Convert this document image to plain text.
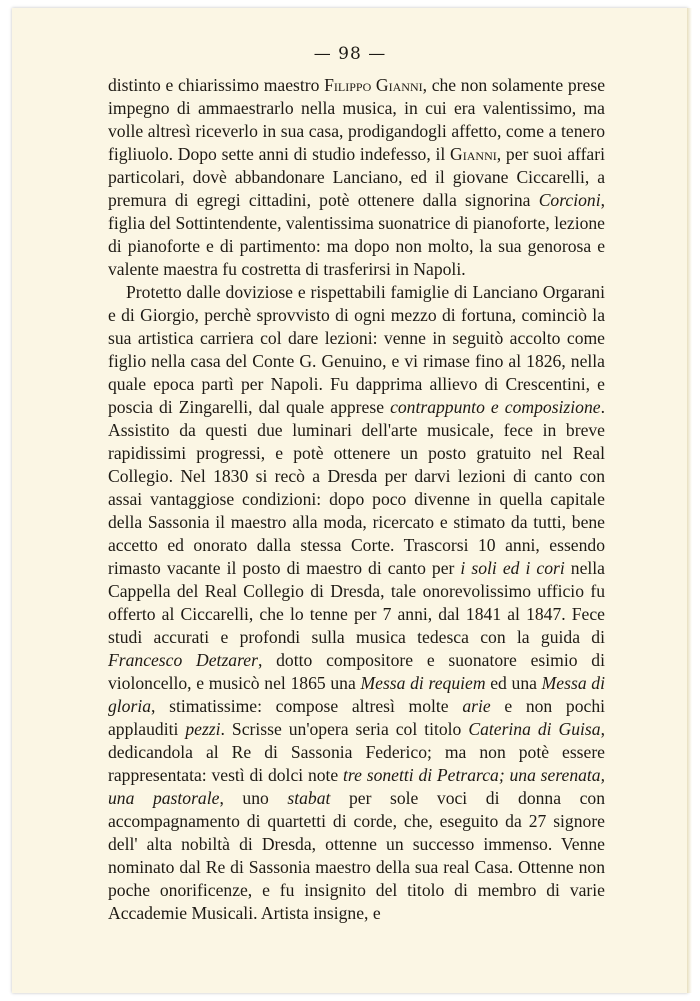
— 98 —

distinto e chiarissimo maestro Filippo Gianni, che non solamente prese impegno di ammaestrarlo nella musica, in cui era valentissimo, ma volle altresì riceverlo in sua casa, prodigandogli affetto, come a tenero figliuolo. Dopo sette anni di studio indefesso, il Gianni, per suoi affari particolari, dovè abbandonare Lanciano, ed il giovane Ciccarelli, a premura di egregi cittadini, potè ottenere dalla signorina Corcioni, figlia del Sottintendente, valentissima suonatrice di pianoforte, lezione di pianoforte e di partimento: ma dopo non molto, la sua genorosa e valente maestra fu costretta di trasferirsi in Napoli.

Protetto dalle doviziose e rispettabili famiglie di Lanciano Orgarani e di Giorgio, perchè sprovvisto di ogni mezzo di fortuna, cominciò la sua artistica carriera col dare lezioni: venne in seguitò accolto come figlio nella casa del Conte G. Genuino, e vi rimase fino al 1826, nella quale epoca partì per Napoli. Fu dapprima allievo di Crescentini, e poscia di Zingarelli, dal quale apprese contrappunto e composizione. Assistito da questi due luminari dell'arte musicale, fece in breve rapidissimi progressi, e potè ottenere un posto gratuito nel Real Collegio. Nel 1830 si recò a Dresda per darvi lezioni di canto con assai vantaggiose condizioni: dopo poco divenne in quella capitale della Sassonia il maestro alla moda, ricercato e stimato da tutti, bene accetto ed onorato dalla stessa Corte. Trascorsi 10 anni, essendo rimasto vacante il posto di maestro di canto per i soli ed i cori nella Cappella del Real Collegio di Dresda, tale onorevolissimo ufficio fu offerto al Ciccarelli, che lo tenne per 7 anni, dal 1841 al 1847. Fece studi accurati e profondi sulla musica tedesca con la guida di Francesco Detzarer, dotto compositore e suonatore esimio di violoncello, e musicò nel 1865 una Messa di requiem ed una Messa di gloria, stimatissime: compose altresì molte arie e non pochi applauditi pezzi. Scrisse un'opera seria col titolo Caterina di Guisa, dedicandola al Re di Sassonia Federico; ma non potè essere rappresentata: vestì di dolci note tre sonetti di Petrarca; una serenata, una pastorale, uno stabat per sole voci di donna con accompagnamento di quartetti di corde, che, eseguito da 27 signore dell' alta nobiltà di Dresda, ottenne un successo immenso. Venne nominato dal Re di Sassonia maestro della sua real Casa. Ottenne non poche onorificenze, e fu insignito del titolo di membro di varie Accademie Musicali. Artista insigne, e
